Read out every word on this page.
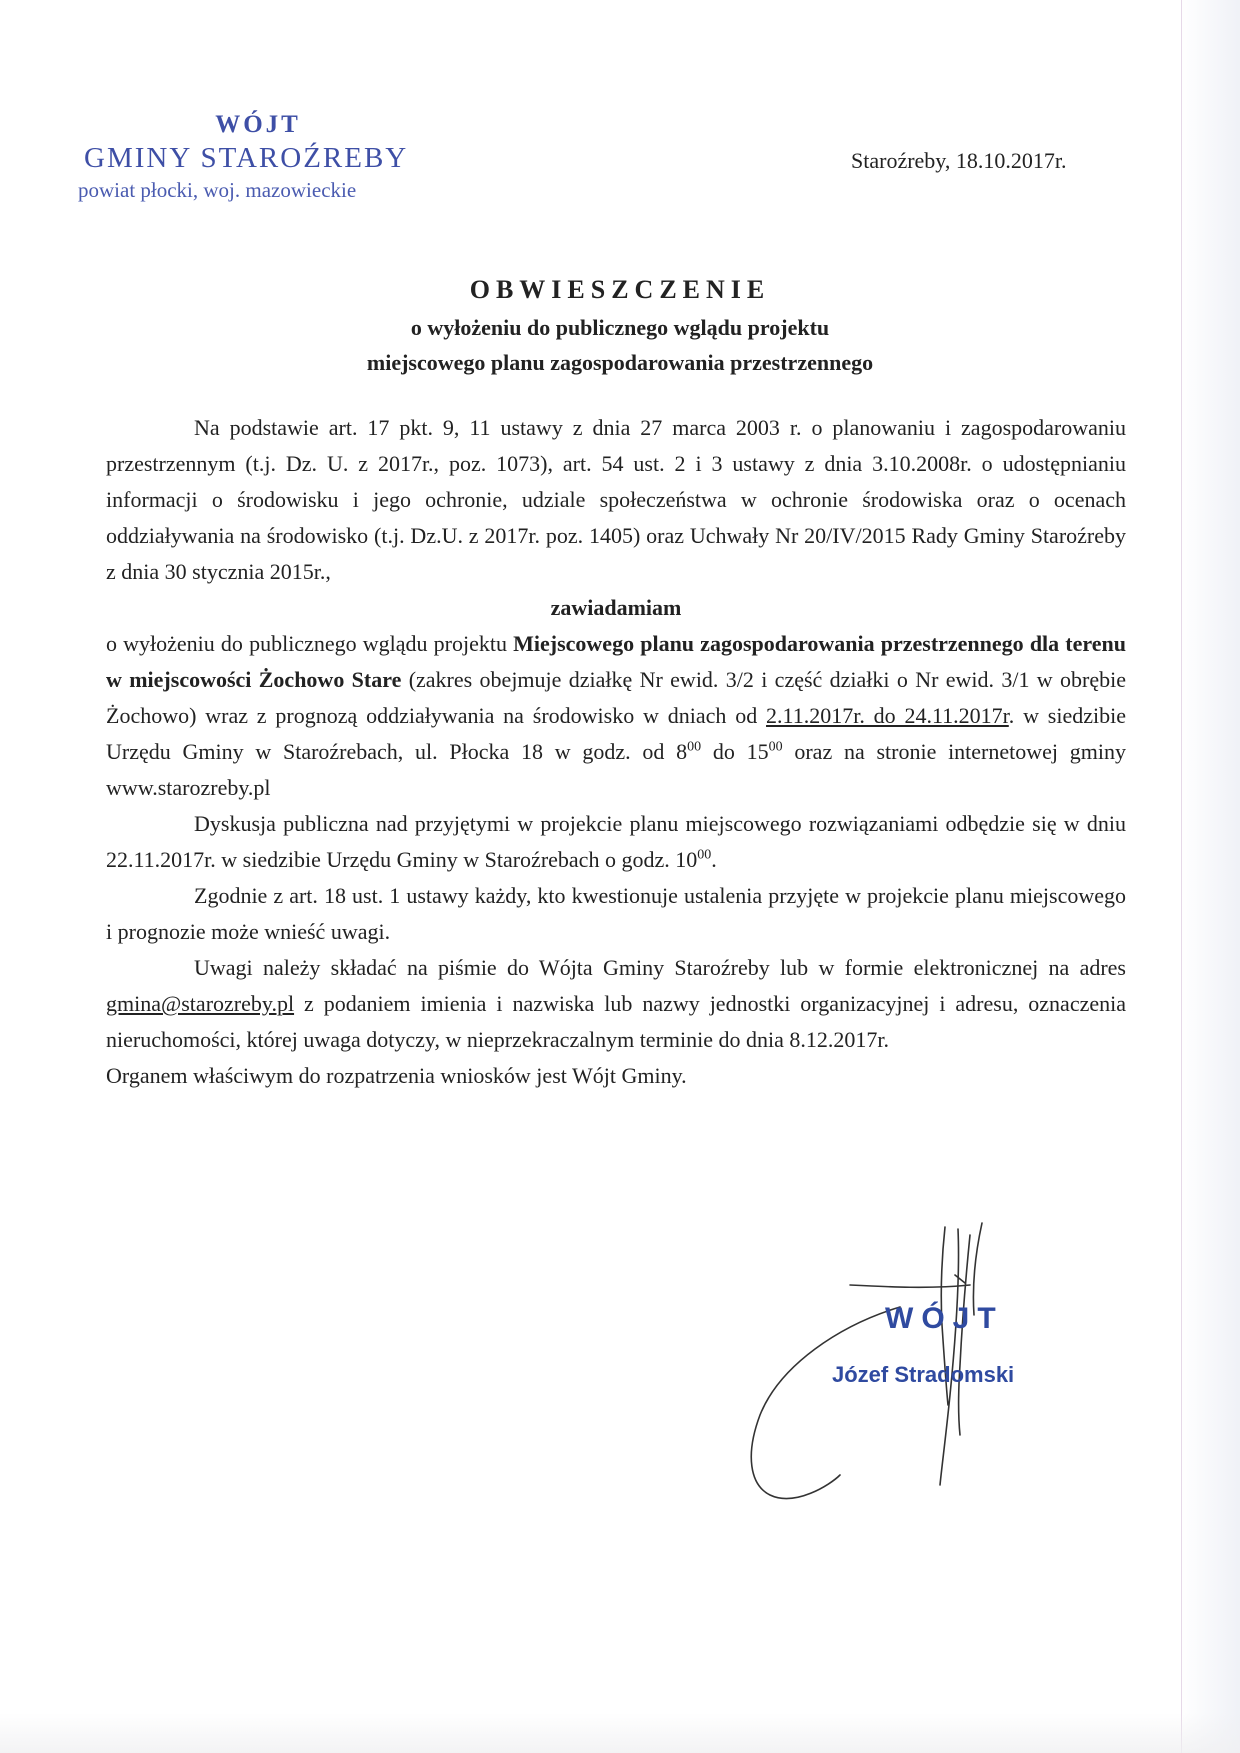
WÓJT
GMINY STAROŹREBY
powiat płocki, woj. mazowieckie
Staroźreby, 18.10.2017r.
OBWIESZCZENIE
o wyłożeniu do publicznego wglądu projektu
miejscowego planu zagospodarowania przestrzennego

Na podstawie art. 17 pkt. 9, 11 ustawy z dnia 27 marca 2003 r. o planowaniu i zagospodarowaniu przestrzennym (t.j. Dz. U. z 2017r., poz. 1073), art. 54 ust. 2 i 3 ustawy z dnia 3.10.2008r. o udostępnianiu informacji o środowisku i jego ochronie, udziale społeczeństwa w ochronie środowiska oraz o ocenach oddziaływania na środowisko (t.j. Dz.U. z 2017r. poz. 1405) oraz Uchwały Nr 20/IV/2015 Rady Gminy Staroźreby z dnia 30 stycznia 2015r.,

zawiadamiam

o wyłożeniu do publicznego wglądu projektu Miejscowego planu zagospodarowania przestrzennego dla terenu w miejscowości Żochowo Stare (zakres obejmuje działkę Nr ewid. 3/2 i część działki o Nr ewid. 3/1 w obrębie Żochowo) wraz z prognozą oddziaływania na środowisko w dniach od 2.11.2017r. do 24.11.2017r. w siedzibie Urzędu Gminy w Staroźrebach, ul. Płocka 18 w godz. od $8^{00}$ do $15^{00}$ oraz na stronie internetowej gminy www.starozreby.pl

Dyskusja publiczna nad przyjętymi w projekcie planu miejscowego rozwiązaniami odbędzie się w dniu 22.11.2017r. w siedzibie Urzędu Gminy w Staroźrebach o godz. $10^{00}$.

Zgodnie z art. 18 ust. 1 ustawy każdy, kto kwestionuje ustalenia przyjęte w projekcie planu miejscowego i prognozie może wnieść uwagi.

Uwagi należy składać na piśmie do Wójta Gminy Staroźreby lub w formie elektronicznej na adres gmina@starozreby.pl z podaniem imienia i nazwiska lub nazwy jednostki organizacyjnej i adresu, oznaczenia nieruchomości, której uwaga dotyczy, w nieprzekraczalnym terminie do dnia 8.12.2017r.

Organem właściwym do rozpatrzenia wniosków jest Wójt Gminy.

WÓJT
Józef Stradomski
